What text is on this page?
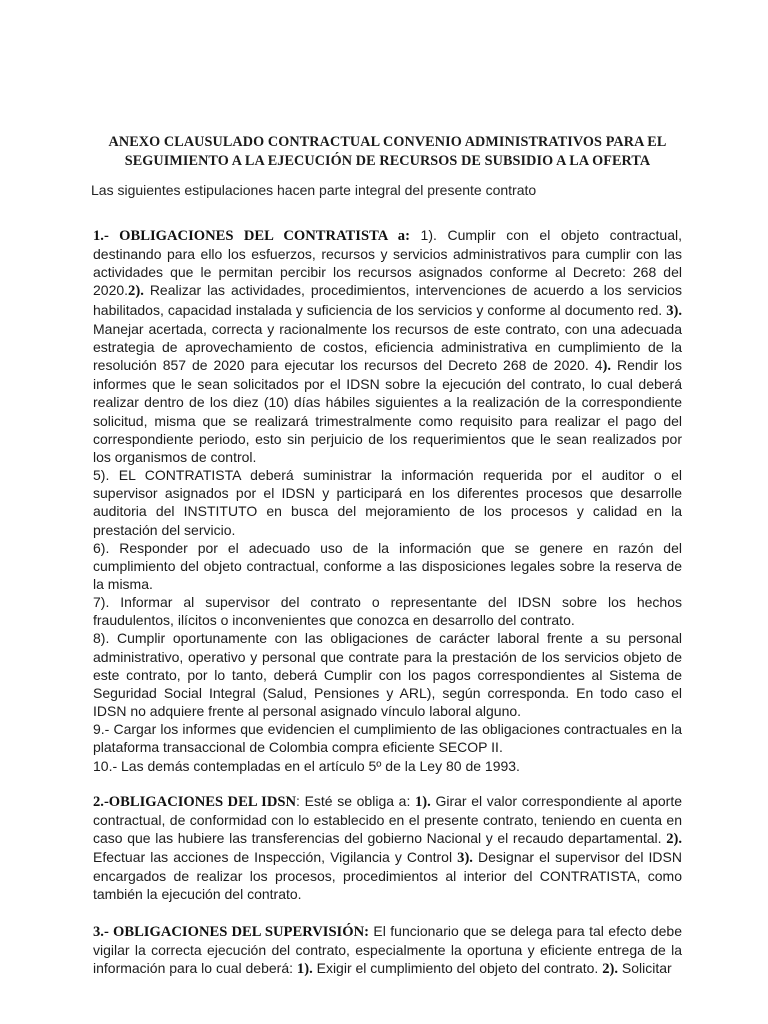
ANEXO CLAUSULADO CONTRACTUAL CONVENIO ADMINISTRATIVOS PARA EL
SEGUIMIENTO A LA EJECUCIÓN DE RECURSOS DE SUBSIDIO A LA OFERTA
Las siguientes estipulaciones hacen parte integral del presente contrato

1.- OBLIGACIONES DEL CONTRATISTA a: 1). Cumplir con el objeto contractual, destinando para ello los esfuerzos, recursos y servicios administrativos para cumplir con las actividades que le permitan percibir los recursos asignados conforme al Decreto: 268 del 2020.2). Realizar las actividades, procedimientos, intervenciones de acuerdo a los servicios habilitados, capacidad instalada y suficiencia de los servicios y conforme al documento red. 3). Manejar acertada, correcta y racionalmente los recursos de este contrato, con una adecuada estrategia de aprovechamiento de costos, eficiencia administrativa en cumplimiento de la resolución 857 de 2020 para ejecutar los recursos del Decreto 268 de 2020. 4). Rendir los informes que le sean solicitados por el IDSN sobre la ejecución del contrato, lo cual deberá realizar dentro de los diez (10) días hábiles siguientes a la realización de la correspondiente solicitud, misma que se realizará trimestralmente como requisito para realizar el pago del correspondiente periodo, esto sin perjuicio de los requerimientos que le sean realizados por los organismos de control.

5). EL CONTRATISTA deberá suministrar la información requerida por el auditor o el supervisor asignados por el IDSN y participará en los diferentes procesos que desarrolle auditoria del INSTITUTO en busca del mejoramiento de los procesos y calidad en la prestación del servicio.

6). Responder por el adecuado uso de la información que se genere en razón del cumplimiento del objeto contractual, conforme a las disposiciones legales sobre la reserva de la misma.

7). Informar al supervisor del contrato o representante del IDSN sobre los hechos fraudulentos, ilícitos o inconvenientes que conozca en desarrollo del contrato.

8). Cumplir oportunamente con las obligaciones de carácter laboral frente a su personal administrativo, operativo y personal que contrate para la prestación de los servicios objeto de este contrato, por lo tanto, deberá Cumplir con los pagos correspondientes al Sistema de Seguridad Social Integral (Salud, Pensiones y ARL), según corresponda. En todo caso el IDSN no adquiere frente al personal asignado vínculo laboral alguno.

9.- Cargar los informes que evidencien el cumplimiento de las obligaciones contractuales en la plataforma transaccional de Colombia compra eficiente SECOP II.

10.- Las demás contempladas en el artículo 5º de la Ley 80 de 1993.

2.-OBLIGACIONES DEL IDSN: Esté se obliga a: 1). Girar el valor correspondiente al aporte contractual, de conformidad con lo establecido en el presente contrato, teniendo en cuenta en caso que las hubiere las transferencias del gobierno Nacional y el recaudo departamental. 2). Efectuar las acciones de Inspección, Vigilancia y Control 3). Designar el supervisor del IDSN encargados de realizar los procesos, procedimientos al interior del CONTRATISTA, como también la ejecución del contrato.

3.- OBLIGACIONES DEL SUPERVISIÓN: El funcionario que se delega para tal efecto debe vigilar la correcta ejecución del contrato, especialmente la oportuna y eficiente entrega de la información para lo cual deberá: 1). Exigir el cumplimiento del objeto del contrato. 2). Solicitar
